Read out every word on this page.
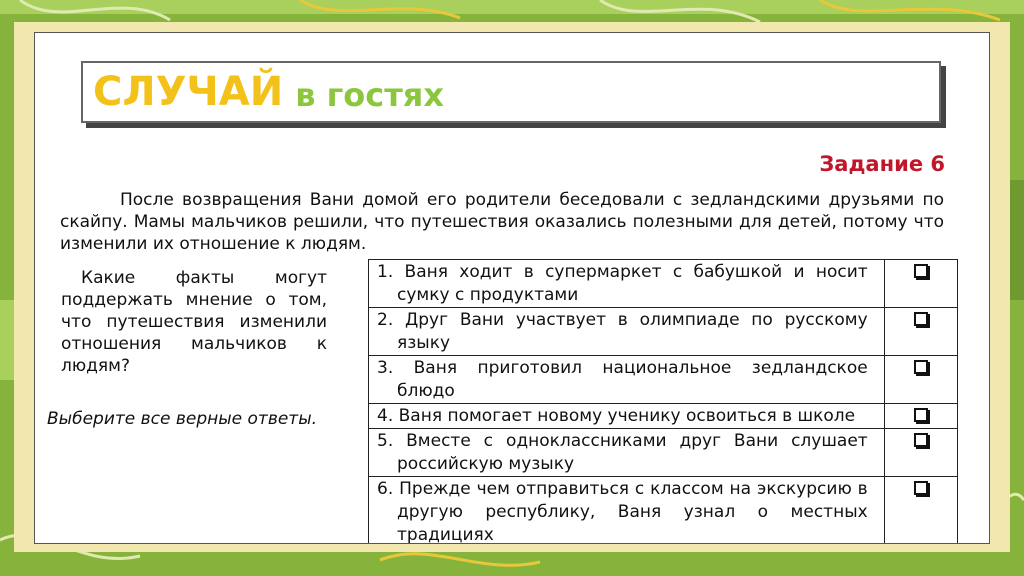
СЛУЧАЙ в гостях
Задание 6

После возвращения Вани домой его родители беседовали с зедландскими друзьями по скайпу. Мамы мальчиков решили, что путешествия оказались полезными для детей, потому что изменили их отношение к людям.

Какие факты могут поддержать мнение о том, что путешествия изменили отношения мальчиков к людям?

Выберите все верные ответы.

1. Ваня ходит в супермаркет с бабушкой и носит сумку с продуктами	

2. Друг Вани участвует в олимпиаде по русскому языку	

3. Ваня приготовил национальное зедландское блюдо	

4. Ваня помогает новому ученику освоиться в школе	

5. Вместе с одноклассниками друг Вани слушает российскую музыку	

6. Прежде чем отправиться с классом на экскурсию в другую республику, Ваня узнал о местных традициях	
